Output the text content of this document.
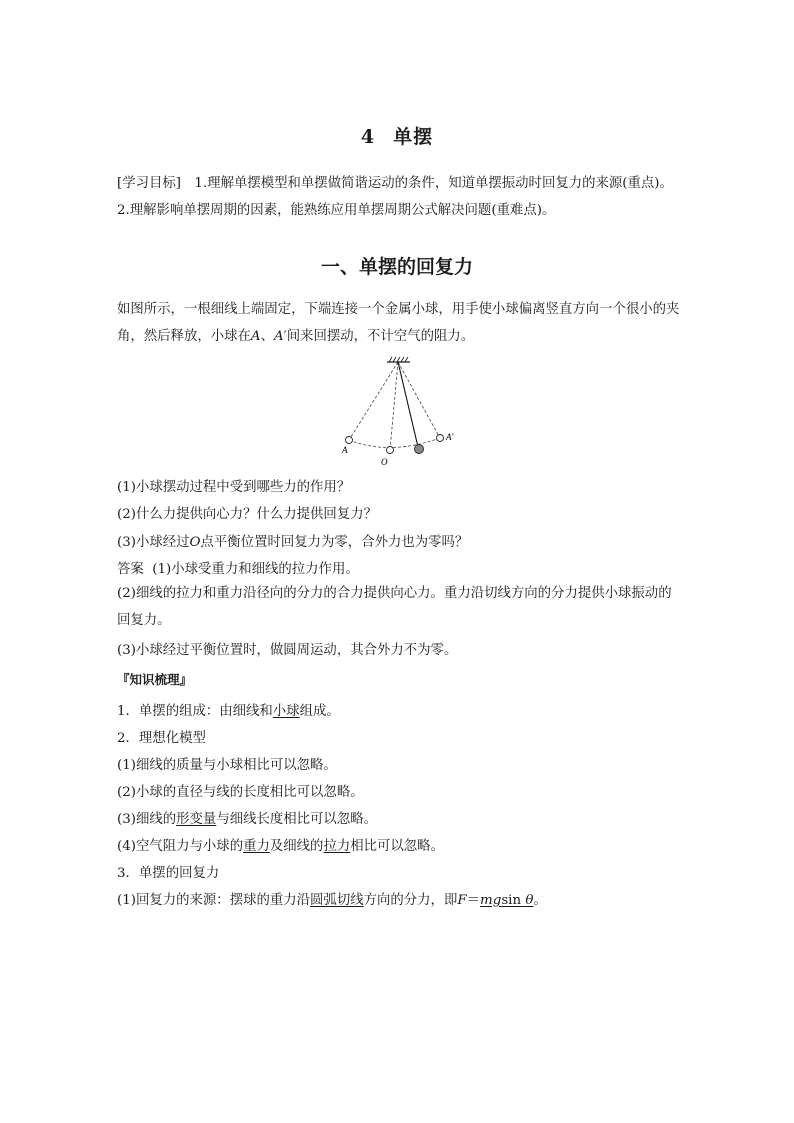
4 单摆
[学习目标]　1.理解单摆模型和单摆做简谐运动的条件，知道单摆振动时回复力的来源(重点)。2.理解影响单摆周期的因素，能熟练应用单摆周期公式解决问题(重难点)。
一、单摆的回复力
如图所示，一根细线上端固定，下端连接一个金属小球，用手使小球偏离竖直方向一个很小的夹角，然后释放，小球在A、A′间来回摆动，不计空气的阻力。
A
O
A′
(1)小球摆动过程中受到哪些力的作用？
(2)什么力提供向心力？什么力提供回复力？
(3)小球经过O点平衡位置时回复力为零，合外力也为零吗？
答案 (1)小球受重力和细线的拉力作用。
(2)细线的拉力和重力沿径向的分力的合力提供向心力。重力沿切线方向的分力提供小球振动的回复力。
(3)小球经过平衡位置时，做圆周运动，其合外力不为零。
『知识梳理』
1．单摆的组成：由细线和小球组成。
2．理想化模型
(1)细线的质量与小球相比可以忽略。
(2)小球的直径与线的长度相比可以忽略。
(3)细线的形变量与细线长度相比可以忽略。
(4)空气阻力与小球的重力及细线的拉力相比可以忽略。
3．单摆的回复力
(1)回复力的来源：摆球的重力沿圆弧切线方向的分力，即F＝mgsin θ。
